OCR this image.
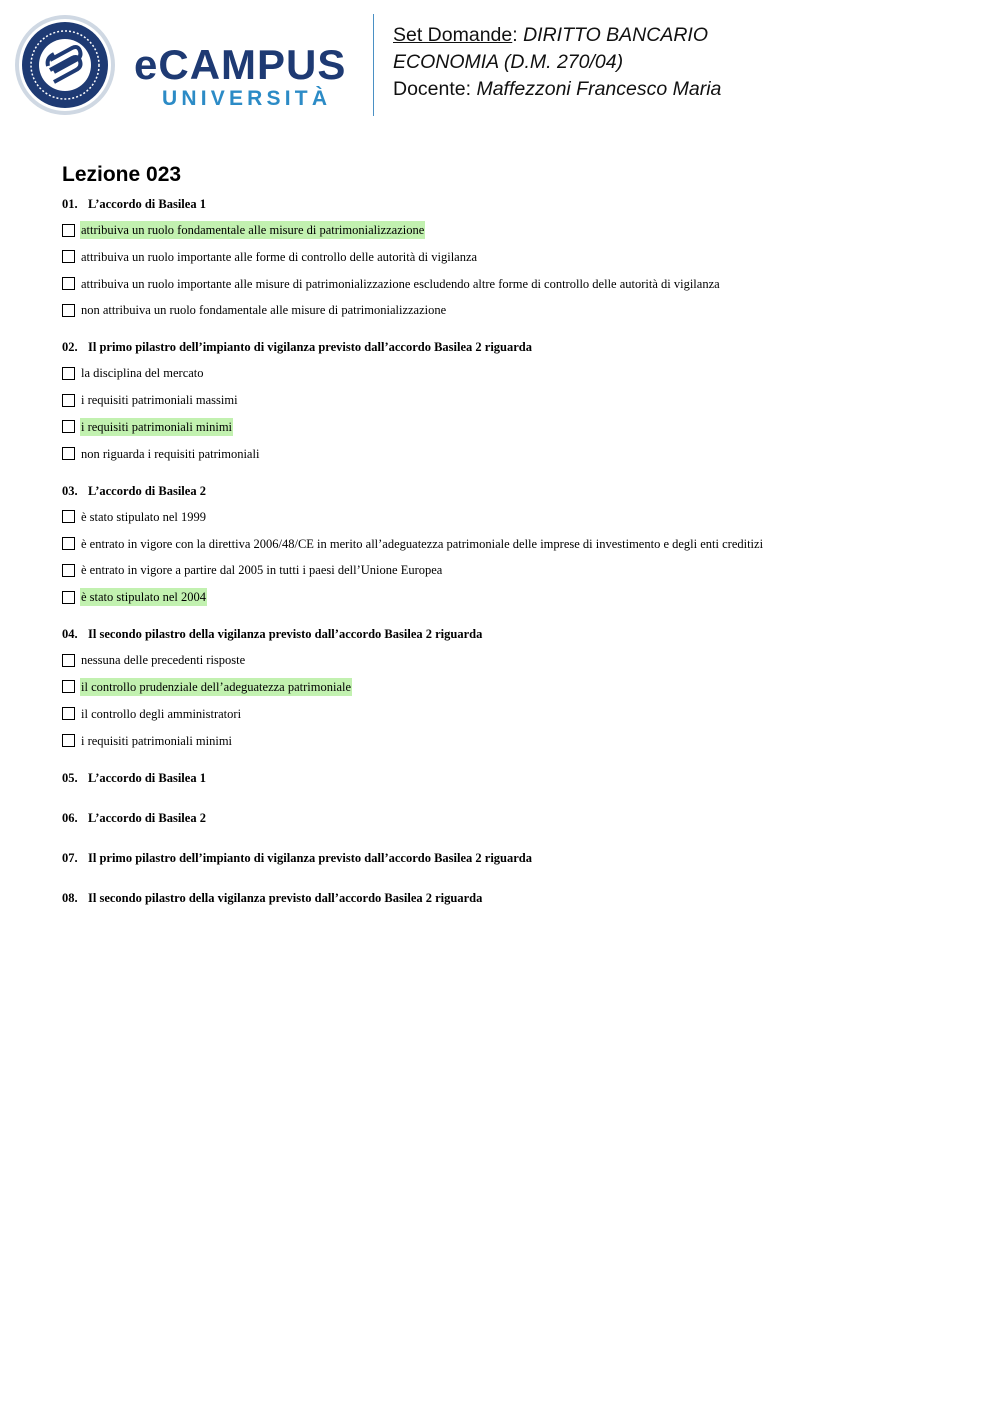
eCAMPUS
UNIVERSITÀ
Set Domande: DIRITTO BANCARIO
ECONOMIA (D.M. 270/04)
Docente: Maffezzoni Francesco Maria
Lezione 023
01. L’accordo di Basilea 1
attribuiva un ruolo fondamentale alle misure di patrimonializzazione
attribuiva un ruolo importante alle forme di controllo delle autorità di vigilanza
attribuiva un ruolo importante alle misure di patrimonializzazione escludendo altre forme di controllo delle autorità di vigilanza
non attribuiva un ruolo fondamentale alle misure di patrimonializzazione
02. Il primo pilastro dell’impianto di vigilanza previsto dall’accordo Basilea 2 riguarda
la disciplina del mercato
i requisiti patrimoniali massimi
i requisiti patrimoniali minimi
non riguarda i requisiti patrimoniali
03. L’accordo di Basilea 2
è stato stipulato nel 1999
è entrato in vigore con la direttiva 2006/48/CE in merito all’adeguatezza patrimoniale delle imprese di investimento e degli enti creditizi
è entrato in vigore a partire dal 2005 in tutti i paesi dell’Unione Europea
è stato stipulato nel 2004
04. Il secondo pilastro della vigilanza previsto dall’accordo Basilea 2 riguarda
nessuna delle precedenti risposte
il controllo prudenziale dell’adeguatezza patrimoniale
il controllo degli amministratori
i requisiti patrimoniali minimi
05. L’accordo di Basilea 1
06. L’accordo di Basilea 2
07. Il primo pilastro dell’impianto di vigilanza previsto dall’accordo Basilea 2 riguarda
08. Il secondo pilastro della vigilanza previsto dall’accordo Basilea 2 riguarda
